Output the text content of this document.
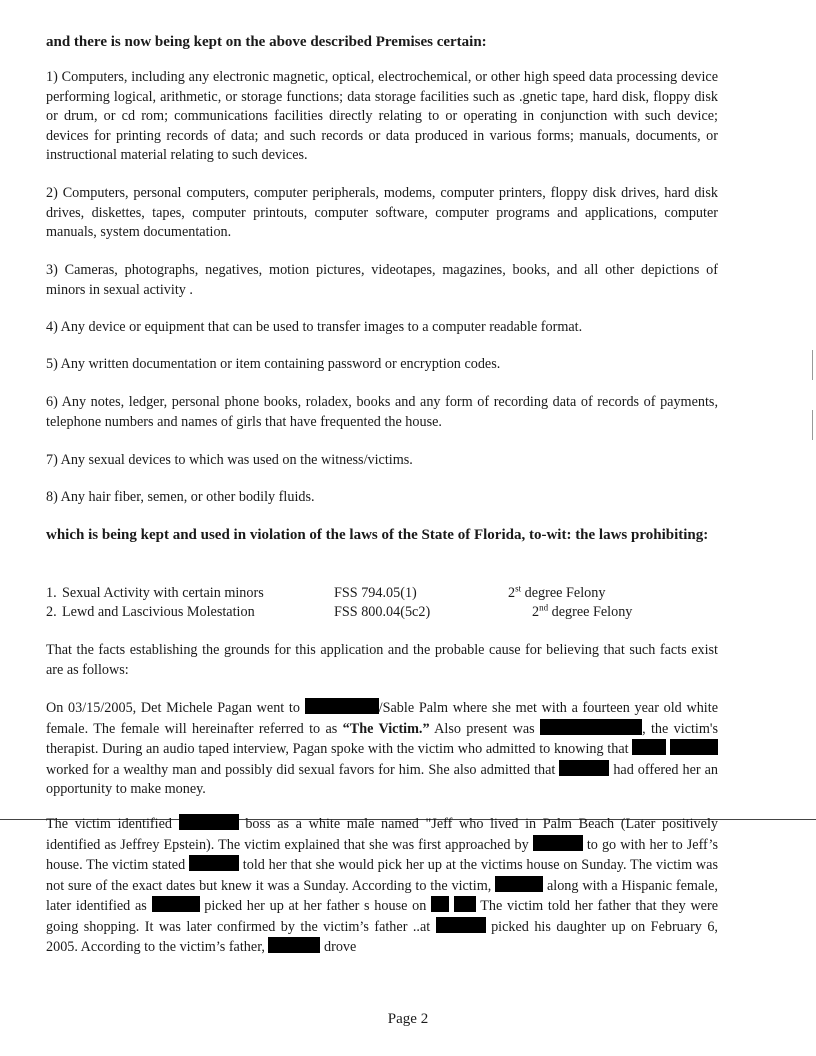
and there is now being kept on the above described Premises certain:

1) Computers, including any electronic magnetic, optical, electrochemical, or other high speed data processing device performing logical, arithmetic, or storage functions; data storage facilities such as .gnetic tape, hard disk, floppy disk or drum, or cd rom; communications facilities directly relating to or operating in conjunction with such device; devices for printing records of data; and such records or data produced in various forms; manuals, documents, or instructional material relating to such devices.

2) Computers, personal computers, computer peripherals, modems, computer printers, floppy disk drives, hard disk drives, diskettes, tapes, computer printouts, computer software, computer programs and applications, computer manuals, system documentation.

3) Cameras, photographs, negatives, motion pictures, videotapes, magazines, books, and all other depictions of minors in sexual activity .

4) Any device or equipment that can be used to transfer images to a computer readable format.

5) Any written documentation or item containing password or encryption codes.

6) Any notes, ledger, personal phone books, roladex, books and any form of recording data of records of payments, telephone numbers and names of girls that have frequented the house.

7) Any sexual devices to which was used on the witness/victims.

8) Any hair fiber, semen, or other bodily fluids.

which is being kept and used in violation of the laws of the State of Florida, to-wit: the laws prohibiting:

1. Sexual Activity with certain minors	FSS 794.05(1)	2st degree Felony
2. Lewd and Lascivious Molestation	FSS 800.04(5c2)	2nd degree Felony

That the facts establishing the grounds for this application and the probable cause for believing that such facts exist are as follows:

On 03/15/2005, Det Michele Pagan went to	/Sable Palm where she met with a fourteen year old white female. The female will hereinafter referred to as “The Victim.” Also present was	, the victim's therapist. During an audio taped interview, Pagan spoke with the victim who admitted to knowing that   worked for a wealthy man and possibly did sexual favors for him. She also admitted that	had offered her an opportunity to make money.

The victim identified	boss as a white male named "Jeff who lived in Palm Beach (Later positively identified as Jeffrey Epstein). The victim explained that she was first approached by	to go with her to Jeff’s house. The victim stated	told her that she would pick her up at the victims house on Sunday. The victim was not sure of the exact dates but knew it was a Sunday. According to the victim,	along with a Hispanic female, later identified as	picked her up at her father s house on	The victim told her father that they were going shopping. It was later confirmed by the victim’s father ..at	picked his daughter up on February 6, 2005. According to the victim’s father,	drove

Page 2
